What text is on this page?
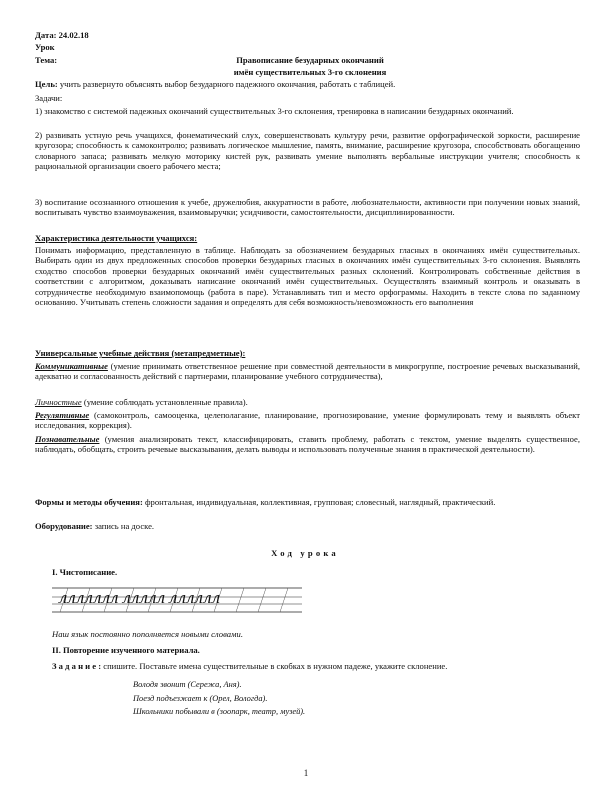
Дата: 24.02.18
Урок
Тема:	Правописание безударных окончаний
имён существительных 3-го склонения
Цель: учить развернуто объяснять выбор безударного падежного окончания, работать с таблицей.
Задачи:
1) знакомство с системой падежных окончаний существительных 3-го склонения, тренировка в написании безударных окончаний.
2) развивать устную речь учащихся, фонематический слух, совершенствовать культуру речи, развитие орфографической зоркости, расширение кругозора; способность к самоконтролю; развивать логическое мышление, память, внимание, расширение кругозора, способствовать обогащению словарного запаса; развивать мелкую моторику кистей рук, развивать умение выполнять вербальные инструкции учителя; способность к рациональной организации своего рабочего места;
3) воспитание осознанного отношения к учебе, дружелюбия, аккуратности в работе, любознательности, активности при получении новых знаний, воспитывать чувство взаимоуважения, взаимовыручки; усидчивости, самостоятельности, дисциплинированности.
Характеристика деятельности учащихся:
Понимать информацию, представленную в таблице. Наблюдать за обозначением безударных гласных в окончаниях имён существительных. Выбирать один из двух предложенных способов проверки безударных гласных в окончаниях имён существительных 3-го склонения. Выявлять сходство способов проверки безударных окончаний имён существительных разных склонений. Контролировать собственные действия в соответствии с алгоритмом, доказывать написание окончаний имён существительных. Осуществлять взаимный контроль и оказывать в сотрудничестве необходимую взаимопомощь (работа в паре). Устанавливать тип и место орфограммы. Находить в тексте слова по заданному основанию. Учитывать степень сложности задания и определять для себя возможность/невозможность его выполнения
Универсальные учебные действия (метапредметные):
Коммуникативные (умение принимать ответственное решение при совместной деятельности в микрогруппе, построение речевых высказываний, адекватно и согласованность действий с партнерами, планирование учебного сотрудничества),
Личностные (умение соблюдать установленные правила).
Регулятивные (самоконтроль, самооценка, целеполагание, планирование, прогнозирование, умение формулировать тему и выявлять объект исследования, коррекция).
Познавательные (умения анализировать текст, классифицировать, ставить проблему, работать с текстом, умение выделять существенное, наблюдать, обобщать, строить речевые высказывания, делать выводы и использовать полученные знания в практической деятельности).
Формы и методы обучения: фронтальная, индивидуальная, коллективная, групповая; словесный, наглядный, практический.
Оборудование: запись на доске.
Ход урока
I. Чистописание.
ллллллл ллллл лллллл
Наш язык постоянно пополняется новыми словами.
II. Повторение изученного материала.
З а д а н и е : спишите. Поставьте имена существительные в скобках в нужном падеже, укажите склонение.
Володя звонит (Сережа, Аня).
Поезд подъезжает к (Орел, Вологда).
Школьники побывали в (зоопарк, театр, музей).
1
